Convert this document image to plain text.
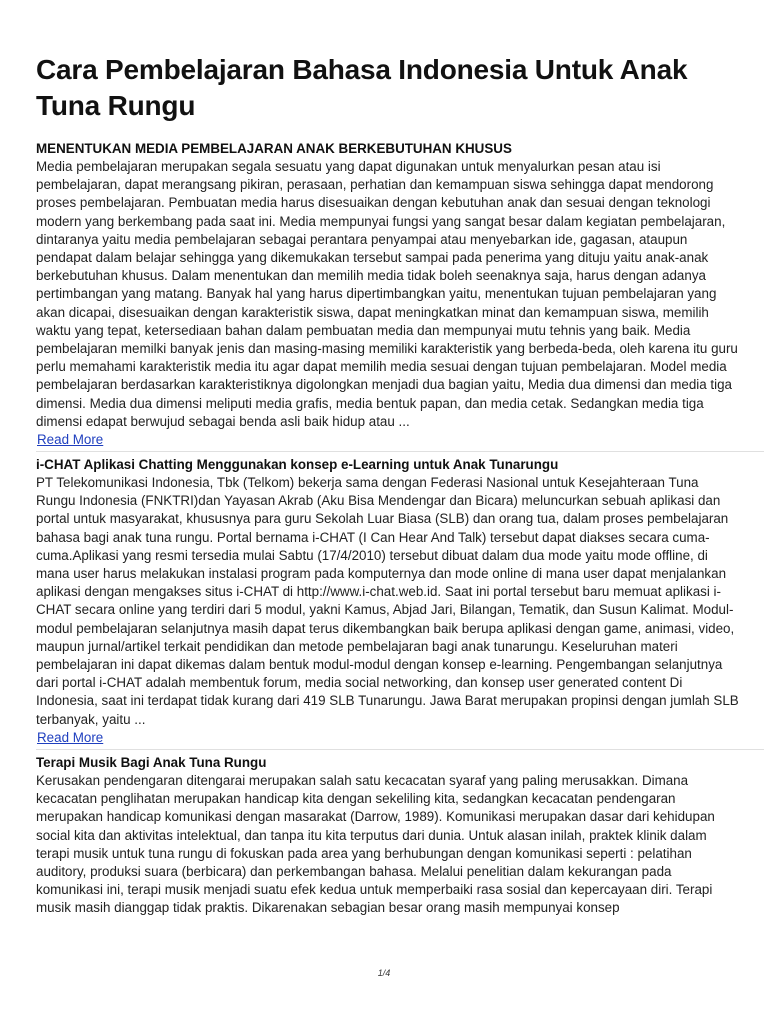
Cara Pembelajaran Bahasa Indonesia Untuk Anak Tuna Rungu

MENENTUKAN MEDIA PEMBELAJARAN ANAK BERKEBUTUHAN KHUSUS

Media pembelajaran merupakan segala sesuatu yang dapat digunakan untuk menyalurkan pesan atau isi pembelajaran, dapat merangsang pikiran, perasaan, perhatian dan kemampuan siswa sehingga dapat mendorong proses pembelajaran. Pembuatan media harus disesuaikan dengan kebutuhan anak dan sesuai dengan teknologi modern yang berkembang pada saat ini. Media mempunyai fungsi yang sangat besar dalam kegiatan pembelajaran, dintaranya yaitu media pembelajaran sebagai perantara penyampai atau menyebarkan ide, gagasan, ataupun pendapat dalam belajar sehingga yang dikemukakan tersebut sampai pada penerima yang dituju yaitu anak-anak berkebutuhan khusus. Dalam menentukan dan memilih media tidak boleh seenaknya saja, harus dengan adanya pertimbangan yang matang. Banyak hal yang harus dipertimbangkan yaitu, menentukan tujuan pembelajaran yang akan dicapai, disesuaikan dengan karakteristik siswa, dapat meningkatkan minat dan kemampuan siswa, memilih waktu yang tepat, ketersediaan bahan dalam pembuatan media dan mempunyai mutu tehnis yang baik. Media pembelajaran memilki banyak jenis dan masing-masing memiliki karakteristik yang berbeda-beda, oleh karena itu guru perlu memahami karakteristik media itu agar dapat memilih media sesuai dengan tujuan pembelajaran. Model media pembelajaran berdasarkan karakteristiknya digolongkan menjadi dua bagian yaitu, Media dua dimensi dan media tiga dimensi. Media dua dimensi meliputi media grafis, media bentuk papan, dan media cetak. Sedangkan media tiga dimensi edapat berwujud sebagai benda asli baik hidup atau ...

Read More

i-CHAT Aplikasi Chatting Menggunakan konsep e-Learning untuk Anak Tunarungu

PT Telekomunikasi Indonesia, Tbk (Telkom) bekerja sama dengan Federasi Nasional untuk Kesejahteraan Tuna Rungu Indonesia (FNKTRI)dan Yayasan Akrab (Aku Bisa Mendengar dan Bicara) meluncurkan sebuah aplikasi dan portal untuk masyarakat, khususnya para guru Sekolah Luar Biasa (SLB) dan orang tua, dalam proses pembelajaran bahasa bagi anak tuna rungu. Portal bernama i-CHAT (I Can Hear And Talk) tersebut dapat diakses secara cuma-cuma.Aplikasi yang resmi tersedia mulai Sabtu (17/4/2010) tersebut dibuat dalam dua mode yaitu mode offline, di mana user harus melakukan instalasi program pada komputernya dan mode online di mana user dapat menjalankan aplikasi dengan mengakses situs i-CHAT di http://www.i-chat.web.id. Saat ini portal tersebut baru memuat aplikasi i-CHAT secara online yang terdiri dari 5 modul, yakni Kamus, Abjad Jari, Bilangan, Tematik, dan Susun Kalimat. Modul-modul pembelajaran selanjutnya masih dapat terus dikembangkan baik berupa aplikasi dengan game, animasi, video, maupun jurnal/artikel terkait pendidikan dan metode pembelajaran bagi anak tunarungu. Keseluruhan materi pembelajaran ini dapat dikemas dalam bentuk modul-modul dengan konsep e-learning. Pengembangan selanjutnya dari portal i-CHAT adalah membentuk forum, media social networking, dan konsep user generated content Di Indonesia, saat ini terdapat tidak kurang dari 419 SLB Tunarungu. Jawa Barat merupakan propinsi dengan jumlah SLB terbanyak, yaitu ...

Read More

Terapi Musik Bagi Anak Tuna Rungu

Kerusakan pendengaran ditengarai merupakan salah satu kecacatan syaraf yang paling merusakkan. Dimana kecacatan penglihatan merupakan handicap kita dengan sekeliling kita, sedangkan kecacatan pendengaran merupakan handicap komunikasi dengan masarakat (Darrow, 1989). Komunikasi merupakan dasar dari kehidupan social kita dan aktivitas intelektual, dan tanpa itu kita terputus dari dunia. Untuk alasan inilah, praktek klinik dalam terapi musik untuk tuna rungu di fokuskan pada area yang berhubungan dengan komunikasi seperti : pelatihan auditory, produksi suara (berbicara) dan perkembangan bahasa. Melalui penelitian dalam kekurangan pada komunikasi ini, terapi musik menjadi suatu efek kedua untuk memperbaiki rasa sosial dan kepercayaan diri. Terapi musik masih dianggap tidak praktis. Dikarenakan sebagian besar orang masih mempunyai konsep

1/4
